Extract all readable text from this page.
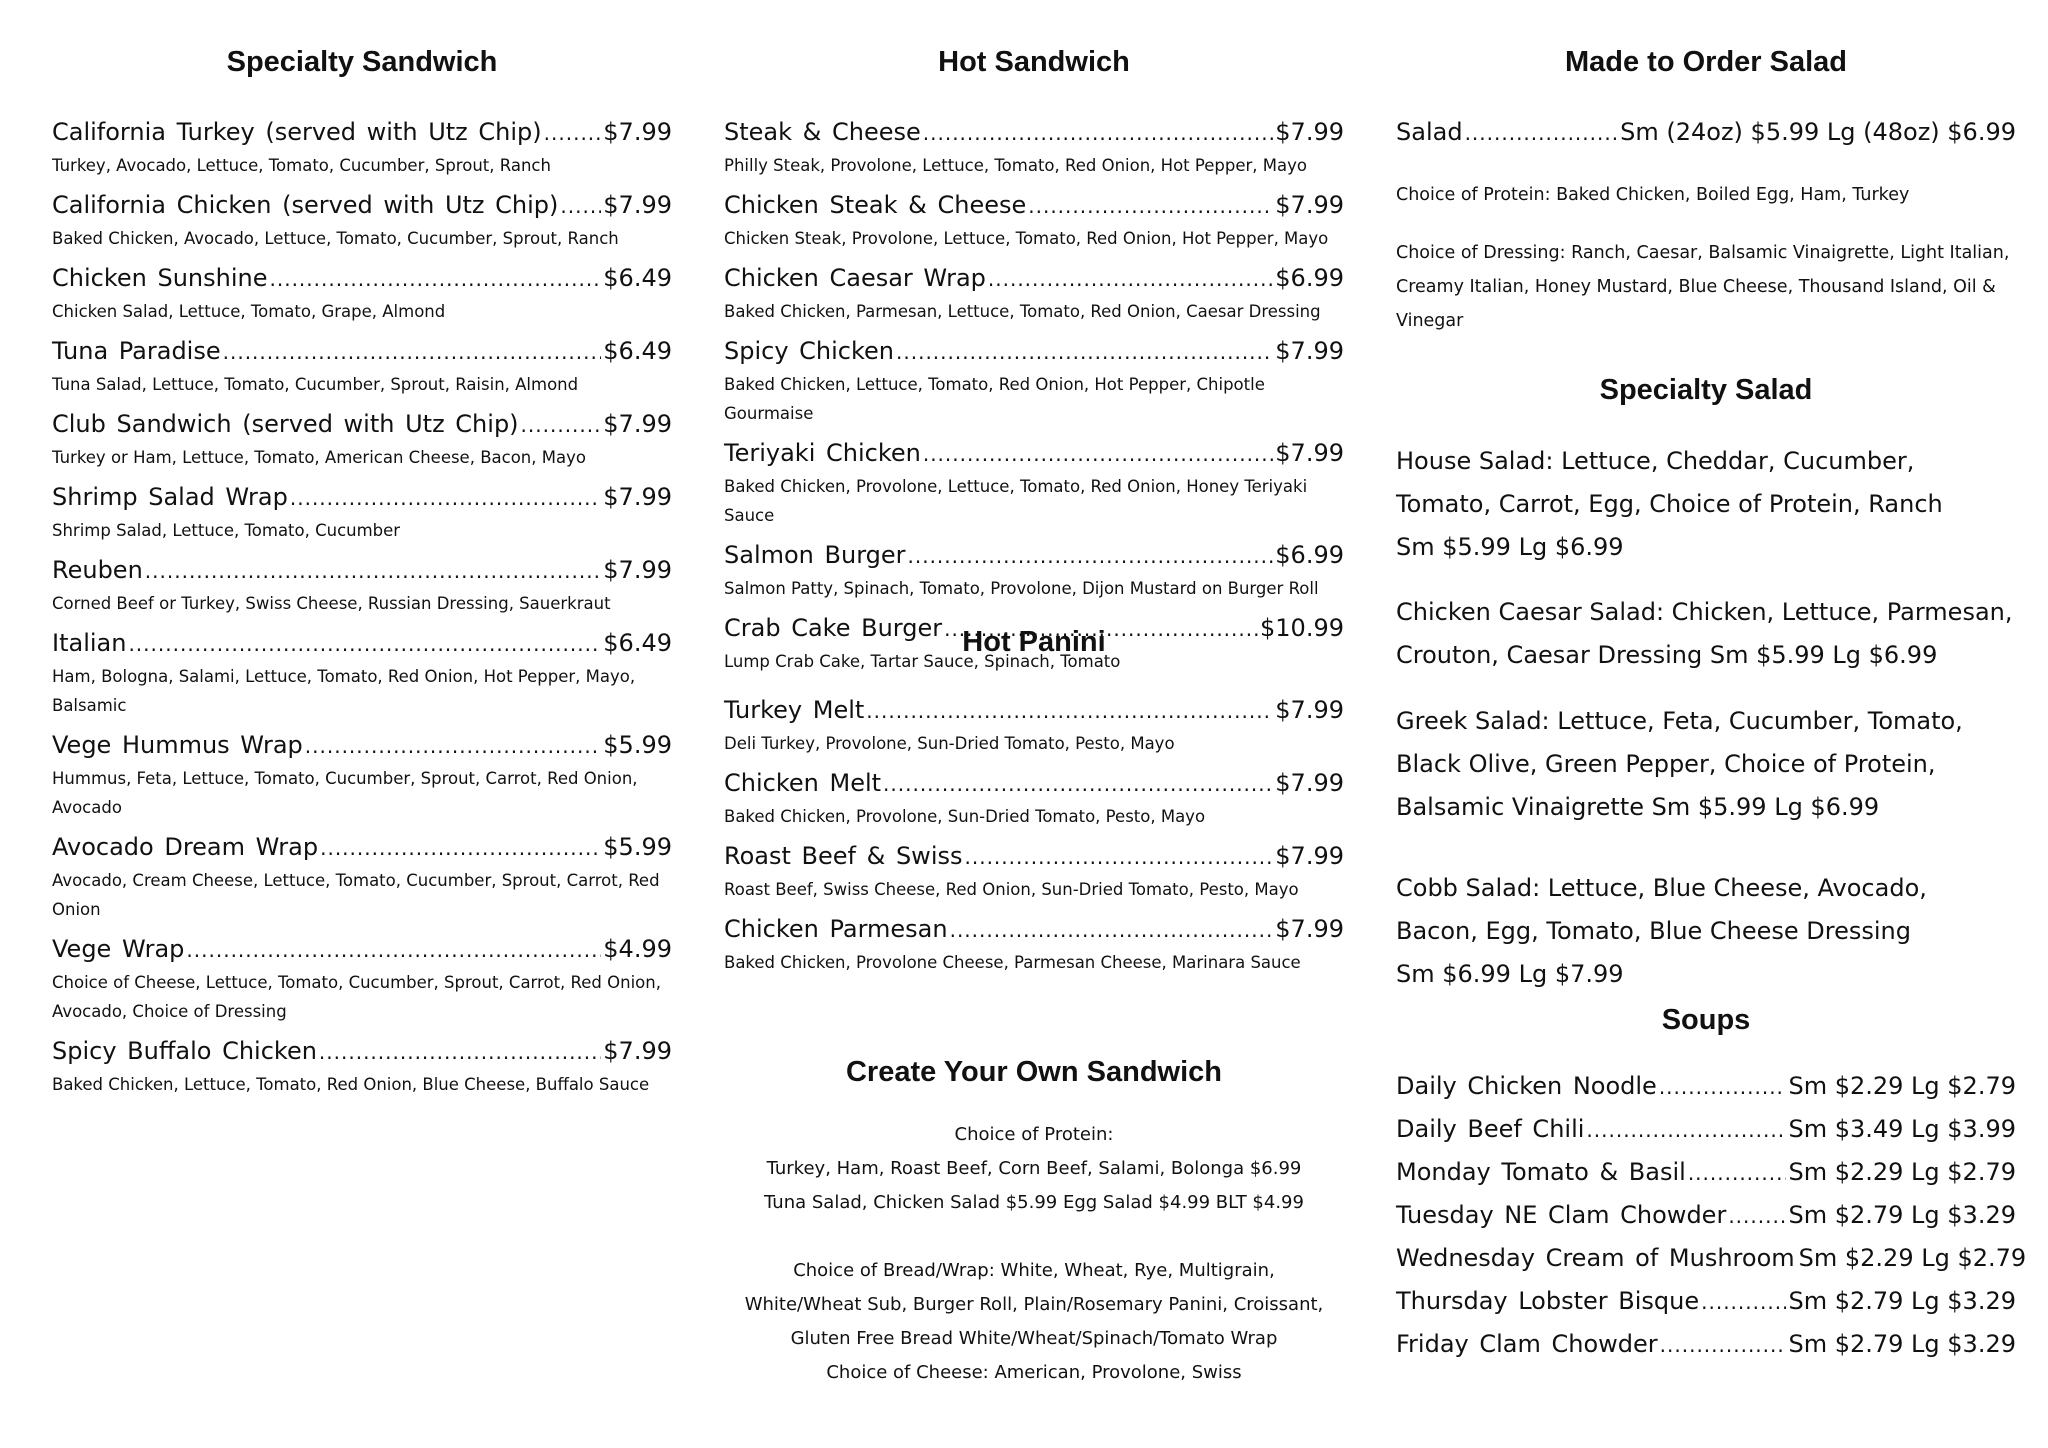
Specialty Sandwich
California Turkey (served with Utz Chip) .....	$7.99
Turkey, Avocado, Lettuce, Tomato, Cucumber, Sprout, Ranch
California Chicken (served with Utz Chip) ..... $7.99
Baked Chicken, Avocado, Lettuce, Tomato, Cucumber, Sprout, Ranch
Chicken Sunshine .....	$6.49
Chicken Salad, Lettuce, Tomato, Grape, Almond
Tuna Paradise .....	$6.49
Tuna Salad, Lettuce, Tomato, Cucumber, Sprout, Raisin, Almond
Club Sandwich (served with Utz Chip) .....	$7.99
Turkey or Ham, Lettuce, Tomato, American Cheese, Bacon, Mayo
Shrimp Salad Wrap .....	$7.99
Shrimp Salad, Lettuce, Tomato, Cucumber
Reuben .....	$7.99
Corned Beef or Turkey, Swiss Cheese, Russian Dressing, Sauerkraut
Italian .....	$6.49
Ham, Bologna, Salami, Lettuce, Tomato, Red Onion, Hot Pepper, Mayo, Balsamic
Vege Hummus Wrap .....	$5.99
Hummus, Feta, Lettuce, Tomato, Cucumber, Sprout, Carrot, Red Onion, Avocado
Avocado Dream Wrap .....	$5.99
Avocado, Cream Cheese, Lettuce, Tomato, Cucumber, Sprout, Carrot, Red Onion
Vege Wrap .....	$4.99
Choice of Cheese, Lettuce, Tomato, Cucumber, Sprout, Carrot, Red Onion, Avocado, Choice of Dressing
Spicy Buffalo Chicken .....	$7.99
Baked Chicken, Lettuce, Tomato, Red Onion, Blue Cheese, Buffalo Sauce
Hot Sandwich
Steak & Cheese .....	$7.99
Philly Steak, Provolone, Lettuce, Tomato, Red Onion, Hot Pepper, Mayo
Chicken Steak & Cheese .....	$7.99
Chicken Steak, Provolone, Lettuce, Tomato, Red Onion, Hot Pepper, Mayo
Chicken Caesar Wrap .....	$6.99
Baked Chicken, Parmesan, Lettuce, Tomato, Red Onion, Caesar Dressing
Spicy Chicken .....	$7.99
Baked Chicken, Lettuce, Tomato, Red Onion, Hot Pepper, Chipotle Gourmaise
Teriyaki Chicken .....	$7.99
Baked Chicken, Provolone, Lettuce, Tomato, Red Onion, Honey Teriyaki Sauce
Salmon Burger .....	$6.99
Salmon Patty, Spinach, Tomato, Provolone, Dijon Mustard on Burger Roll
Crab Cake Burger .....	$10.99
Lump Crab Cake, Tartar Sauce, Spinach, Tomato
Hot Panini
Turkey Melt .....	$7.99
Deli Turkey, Provolone, Sun-Dried Tomato, Pesto, Mayo
Chicken Melt .....	$7.99
Baked Chicken, Provolone, Sun-Dried Tomato, Pesto, Mayo
Roast Beef & Swiss .....	$7.99
Roast Beef, Swiss Cheese, Red Onion, Sun-Dried Tomato, Pesto, Mayo
Chicken Parmesan .....	$7.99
Baked Chicken, Provolone Cheese, Parmesan Cheese, Marinara Sauce
Create Your Own Sandwich
Choice of Protein:
Turkey, Ham, Roast Beef, Corn Beef, Salami, Bolonga $6.99
Tuna Salad, Chicken Salad $5.99 Egg Salad $4.99 BLT $4.99
Choice of Bread/Wrap: White, Wheat, Rye, Multigrain, White/Wheat Sub, Burger Roll, Plain/Rosemary Panini, Croissant, Gluten Free Bread White/Wheat/Spinach/Tomato Wrap
Choice of Cheese: American, Provolone, Swiss
Made to Order Salad
Salad .....	Sm (24oz) $5.99 Lg (48oz) $6.99
Choice of Protein: Baked Chicken, Boiled Egg, Ham, Turkey
Choice of Dressing: Ranch, Caesar, Balsamic Vinaigrette, Light Italian, Creamy Italian, Honey Mustard, Blue Cheese, Thousand Island, Oil & Vinegar
Specialty Salad
House Salad: Lettuce, Cheddar, Cucumber, Tomato, Carrot, Egg, Choice of Protein, Ranch
Sm $5.99 Lg $6.99
Chicken Caesar Salad: Chicken, Lettuce, Parmesan, Crouton, Caesar Dressing Sm $5.99 Lg $6.99
Greek Salad: Lettuce, Feta, Cucumber, Tomato, Black Olive, Green Pepper, Choice of Protein, Balsamic Vinaigrette Sm $5.99 Lg $6.99
Cobb Salad: Lettuce, Blue Cheese, Avocado, Bacon, Egg, Tomato, Blue Cheese Dressing
Sm $6.99 Lg $7.99
Soups
Daily Chicken Noodle .....	Sm $2.29 Lg $2.79
Daily Beef Chili .....	Sm $3.49 Lg $3.99
Monday Tomato & Basil .....	Sm $2.29 Lg $2.79
Tuesday NE Clam Chowder .....	Sm $2.79 Lg $3.29
Wednesday Cream of Mushroom Sm $2.29 Lg $2.79
Thursday Lobster Bisque .....	Sm $2.79 Lg $3.29
Friday Clam Chowder .....	Sm $2.79 Lg $3.29
